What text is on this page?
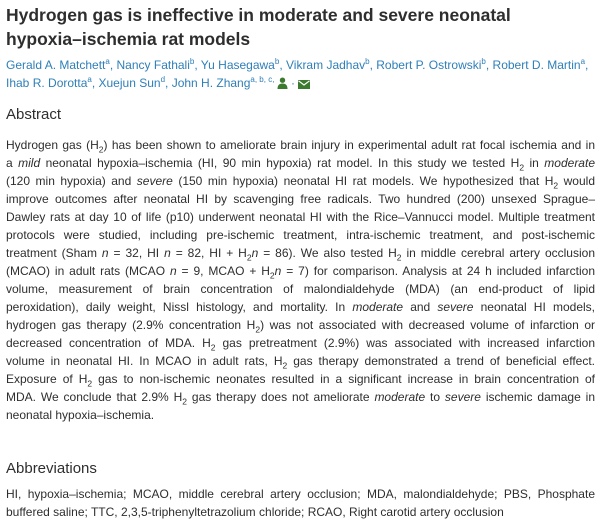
Hydrogen gas is ineffective in moderate and severe neonatal
hypoxia–ischemia rat models
Gerald A. Matchett$^a$, Nancy Fathali$^b$, Yu Hasegawa$^b$, Vikram Jadhav$^b$, Robert P. Ostrowski$^b$, Robert D. Martin$^a$, Ihab R. Dorotta$^a$, Xuejun Sun$^d$, John H. Zhang$^{a, b, c,}$  ·
Abstract
Hydrogen gas $(H_2)$ has been shown to ameliorate brain injury in experimental adult rat focal ischemia and in
a mild neonatal hypoxia–ischemia (HI, 90 min hypoxia) rat model. In this study we tested $H_2$ in moderate
(120 min hypoxia) and severe (150 min hypoxia) neonatal HI rat models. We hypothesized that $H_2$ would
improve outcomes after neonatal HI by scavenging free radicals. Two hundred (200) unsexed Sprague–
Dawley rats at day 10 of life (p10) underwent neonatal HI with the Rice–Vannucci model. Multiple treatment
protocols were studied, including pre-ischemic treatment, intra-ischemic treatment, and post-ischemic
treatment (Sham n = 32, HI n = 82, HI + $H_2n = 86$). We also tested $H_2$ in middle cerebral artery occlusion
(MCAO) in adult rats (MCAO n = 9, MCAO + $H_2n = 7$) for comparison. Analysis at 24 h included infarction
volume, measurement of brain concentration of malondialdehyde (MDA) (an end-product of lipid
peroxidation), daily weight, Nissl histology, and mortality. In moderate and severe neonatal HI models,
hydrogen gas therapy (2.9% concentration $H_2$) was not associated with decreased volume of infarction or
decreased concentration of MDA. $H_2$ gas pretreatment (2.9%) was associated with increased infarction
volume in neonatal HI. In MCAO in adult rats, $H_2$ gas therapy demonstrated a trend of beneficial effect.
Exposure of $H_2$ gas to non-ischemic neonates resulted in a significant increase in brain concentration of
MDA. We conclude that 2.9% $H_2$ gas therapy does not ameliorate moderate to severe ischemic damage in
neonatal hypoxia–ischemia.
Abbreviations
HI, hypoxia–ischemia; MCAO, middle cerebral artery occlusion; MDA, malondialdehyde; PBS, Phosphate
buffered saline; TTC, 2,3,5-triphenyltetrazolium chloride; RCAO, Right carotid artery occlusion
